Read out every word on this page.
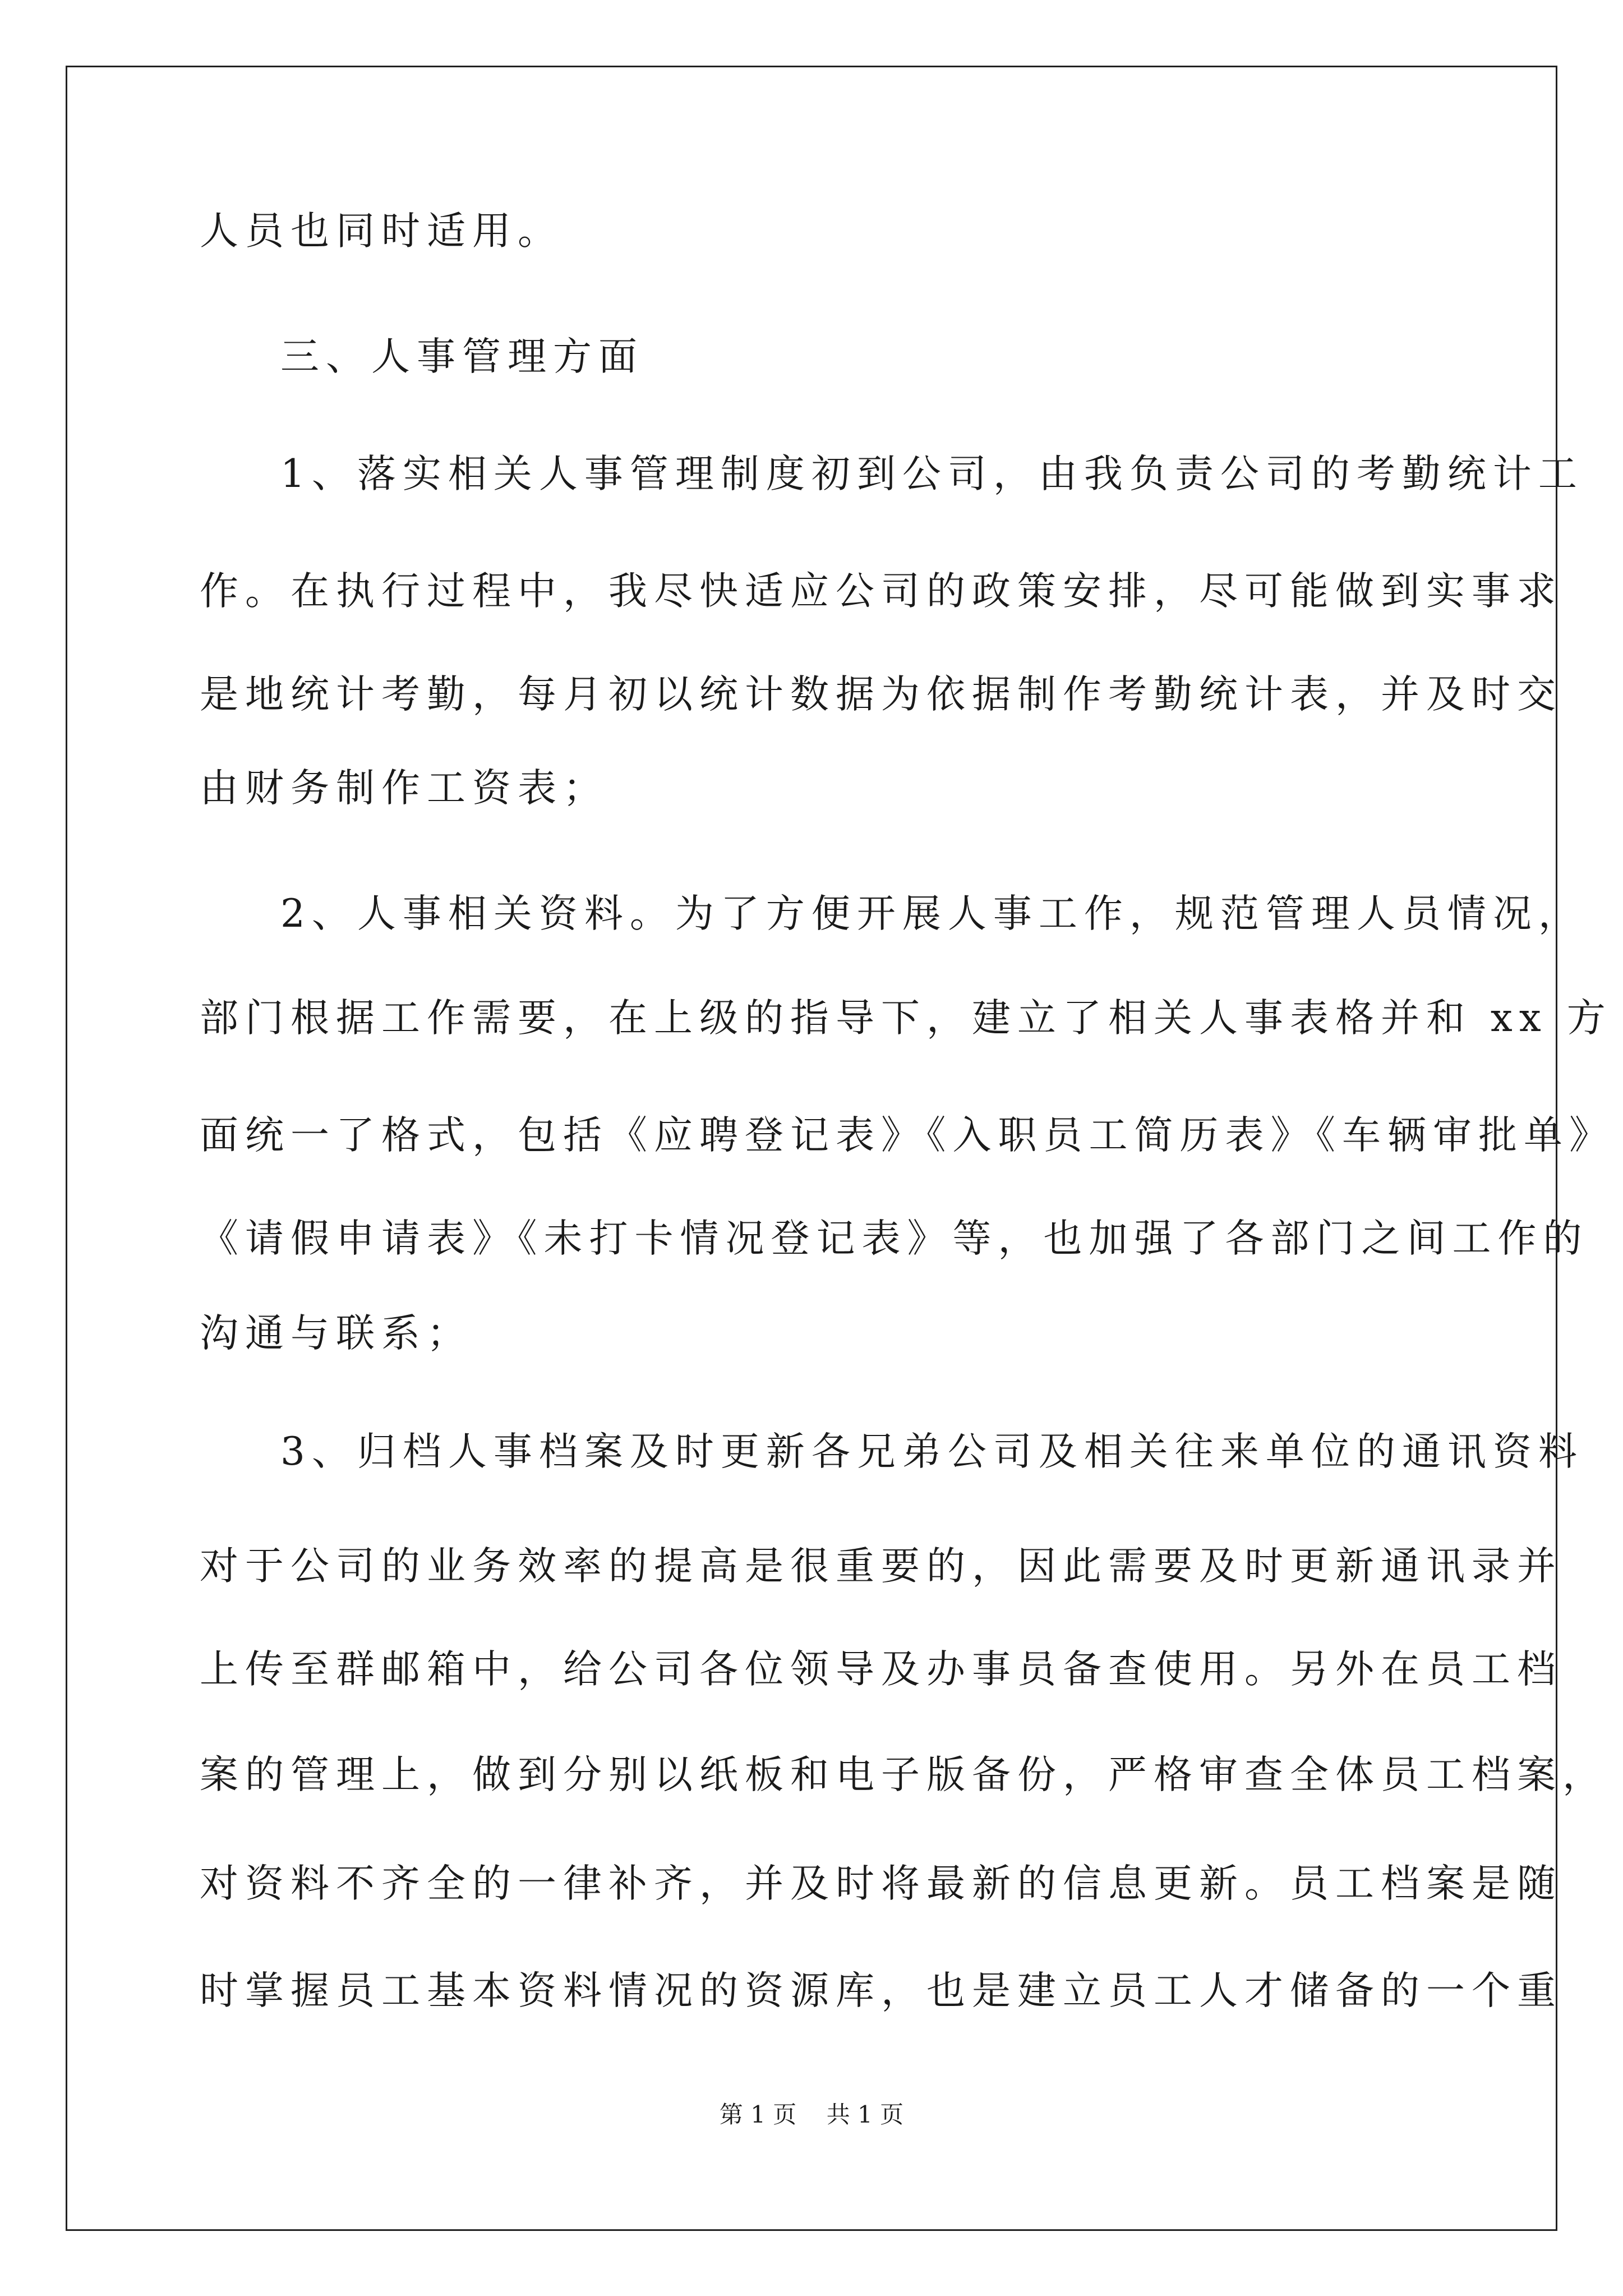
人员也同时适用。
三、人事管理方面
1、落实相关人事管理制度初到公司，由我负责公司的考勤统计工
作。在执行过程中，我尽快适应公司的政策安排，尽可能做到实事求
是地统计考勤，每月初以统计数据为依据制作考勤统计表，并及时交
由财务制作工资表；
2、人事相关资料。为了方便开展人事工作，规范管理人员情况，
部门根据工作需要，在上级的指导下，建立了相关人事表格并和 xx 方
面统一了格式，包括《应聘登记表》《入职员工简历表》《车辆审批单》
《请假申请表》《未打卡情况登记表》等，也加强了各部门之间工作的
沟通与联系；
3、归档人事档案及时更新各兄弟公司及相关往来单位的通讯资料
对于公司的业务效率的提高是很重要的，因此需要及时更新通讯录并
上传至群邮箱中，给公司各位领导及办事员备查使用。另外在员工档
案的管理上，做到分别以纸板和电子版备份，严格审查全体员工档案，
对资料不齐全的一律补齐，并及时将最新的信息更新。员工档案是随
时掌握员工基本资料情况的资源库，也是建立员工人才储备的一个重
第 1 页    共 1 页
